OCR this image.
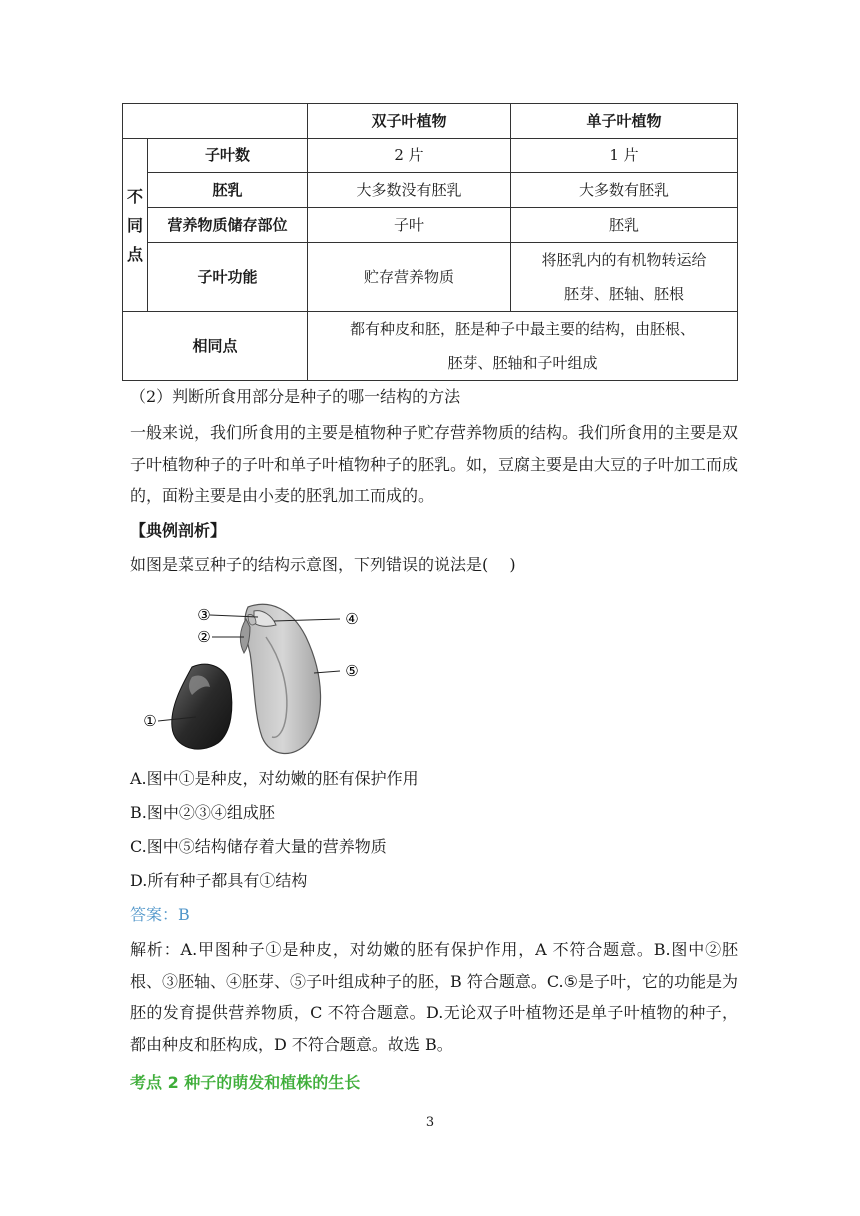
		双子叶植物	单子叶植物

不
同
点	子叶数	2 片	1 片
	胚乳	大多数没有胚乳	大多数有胚乳
	营养物质储存部位	子叶	胚乳
	子叶功能	贮存营养物质	将胚乳内的有机物转运给
胚芽、胚轴、胚根

相同点		都有种皮和胚，胚是种子中最主要的结构，由胚根、
胚芽、胚轴和子叶组成	
（2）判断所食用部分是种子的哪一结构的方法
一般来说，我们所食用的主要是植物种子贮存营养物质的结构。我们所食用的主要是双子叶植物种子的子叶和单子叶植物种子的胚乳。如，豆腐主要是由大豆的子叶加工而成的，面粉主要是由小麦的胚乳加工而成的。
【典例剖析】
如图是菜豆种子的结构示意图，下列错误的说法是(　 )
③
②
④
⑤
①
A.图中①是种皮，对幼嫩的胚有保护作用
B.图中②③④组成胚
C.图中⑤结构储存着大量的营养物质
D.所有种子都具有①结构
答案：B
解析：A.甲图种子①是种皮，对幼嫩的胚有保护作用，A 不符合题意。B.图中②胚根、③胚轴、④胚芽、⑤子叶组成种子的胚，B 符合题意。C.⑤是子叶，它的功能是为胚的发育提供营养物质，C 不符合题意。D.无论双子叶植物还是单子叶植物的种子，都由种皮和胚构成，D 不符合题意。故选 B。
考点 2 种子的萌发和植株的生长
3
